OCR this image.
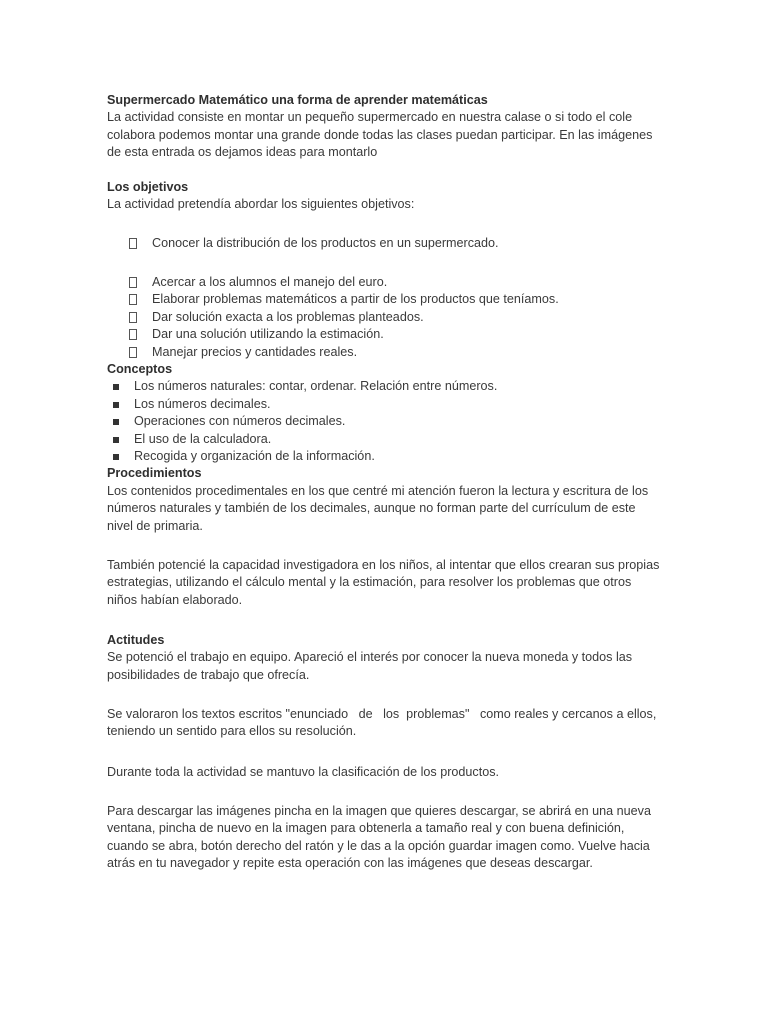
Supermercado Matemático una forma de aprender matemáticas
La actividad consiste en montar un pequeño supermercado en nuestra calase o si todo el cole
colabora podemos montar una grande donde todas las clases puedan participar. En las imágenes
de esta entrada os dejamos ideas para montarlo
Los objetivos
La actividad pretendía abordar los siguientes objetivos:
Conocer la distribución de los productos en un supermercado.
Acercar a los alumnos el manejo del euro.
Elaborar problemas matemáticos a partir de los productos que teníamos.
Dar solución exacta a los problemas planteados.
Dar una solución utilizando la estimación.
Manejar precios y cantidades reales.
Conceptos
Los números naturales: contar, ordenar. Relación entre números.
Los números decimales.
Operaciones con números decimales.
El uso de la calculadora.
Recogida y organización de la información.
Procedimientos
Los contenidos procedimentales en los que centré mi atención fueron la lectura y escritura de los
números naturales y también de los decimales, aunque no forman parte del currículum de este
nivel de primaria.
También potencié la capacidad investigadora en los niños, al intentar que ellos crearan sus propias
estrategias, utilizando el cálculo mental y la estimación, para resolver los problemas que otros
niños habían elaborado.
Actitudes
Se potenció el trabajo en equipo. Apareció el interés por conocer la nueva moneda y todos las
posibilidades de trabajo que ofrecía.
Se valoraron los textos escritos "enunciado   de   los  problemas"   como reales y cercanos a ellos,
teniendo un sentido para ellos su resolución.
Durante toda la actividad se mantuvo la clasificación de los productos.
Para descargar las imágenes pincha en la imagen que quieres descargar, se abrirá en una nueva
ventana, pincha de nuevo en la imagen para obtenerla a tamaño real y con buena definición,
cuando se abra, botón derecho del ratón y le das a la opción guardar imagen como. Vuelve hacia
atrás en tu navegador y repite esta operación con las imágenes que deseas descargar.
